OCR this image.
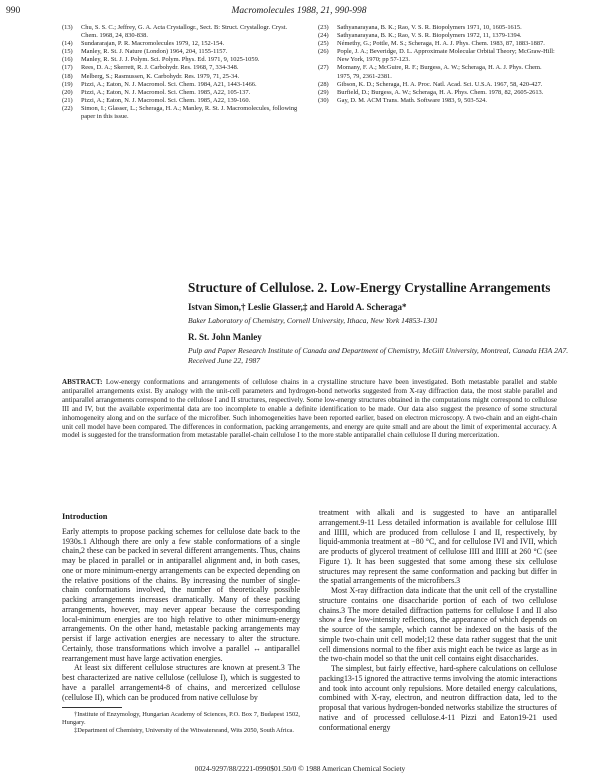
990	Macromolecules 1988, 21, 990-998

(13) Chu, S. S. C.; Jeffrey, G. A. Acta Crystallogr., Sect. B: Struct. Crystallogr. Cryst. Chem. 1968, 24, 830-838.

(14) Sundararajan, P. R. Macromolecules 1979, 12, 152-154.

(15) Manley, R. St. J. Nature (London) 1964, 204, 1155-1157.

(16) Manley, R. St. J. J. Polym. Sci. Polym. Phys. Ed. 1971, 9, 1025-1059.

(17) Rees, D. A.; Skerrett, R. J. Carbohydr. Res. 1968, 7, 334-348.

(18) Melberg, S.; Rasmussen, K. Carbohydr. Res. 1979, 71, 25-34.

(19) Pizzi, A.; Eaton, N. J. Macromol. Sci. Chem. 1984, A21, 1443-1466.

(20) Pizzi, A.; Eaton, N. J. Macromol. Sci. Chem. 1985, A22, 105-137.

(21) Pizzi, A.; Eaton, N. J. Macromol. Sci. Chem. 1985, A22, 139-160.

(22) Simon, I.; Glasser, L.; Scheraga, H. A.; Manley, R. St. J. Macromolecules, following paper in this issue.

(23) Sathyanarayana, B. K.; Rao, V. S. R. Biopolymers 1971, 10, 1605-1615.

(24) Sathyanarayana, B. K.; Rao, V. S. R. Biopolymers 1972, 11, 1379-1394.

(25) Némethy, G.; Pottle, M. S.; Scheraga, H. A. J. Phys. Chem. 1983, 87, 1883-1887.

(26) Pople, J. A.; Beveridge, D. L. Approximate Molecular Orbital Theory; McGraw-Hill: New York, 1970; pp 57-123.

(27) Momany, F. A.; McGuire, R. F.; Burgess, A. W.; Scheraga, H. A. J. Phys. Chem. 1975, 79, 2361-2381.

(28) Gibson, K. D.; Scheraga, H. A. Proc. Natl. Acad. Sci. U.S.A. 1967, 58, 420-427.

(29) Burfield, D.; Burgess, A. W.; Scheraga, H. A. Phys. Chem. 1978, 82, 2605-2613.

(30) Gay, D. M. ACM Trans. Math. Software 1983, 9, 503-524.

Structure of Cellulose. 2. Low-Energy Crystalline Arrangements
Istvan Simon,† Leslie Glasser,‡ and Harold A. Scheraga*
Baker Laboratory of Chemistry, Cornell University, Ithaca, New York 14853-1301
R. St. John Manley
Pulp and Paper Research Institute of Canada and Department of Chemistry, McGill University, Montreal, Canada H3A 2A7. Received June 22, 1987
ABSTRACT: Low-energy conformations and arrangements of cellulose chains in a crystalline structure have been investigated. Both metastable parallel and stable antiparallel arrangements exist. By analogy with the unit-cell parameters and hydrogen-bond networks suggested from X-ray diffraction data, the most stable parallel and antiparallel arrangements correspond to the cellulose I and II structures, respectively. Some low-energy structures obtained in the computations might correspond to cellulose III and IV, but the available experimental data are too incomplete to enable a definite identification to be made. Our data also suggest the presence of some structural inhomogeneity along and on the surface of the microfiber. Such inhomogeneities have been reported earlier, based on electron microscopy. A two-chain and an eight-chain unit cell model have been compared. The differences in conformation, packing arrangements, and energy are quite small and are about the limit of experimental accuracy. A model is suggested for the transformation from metastable parallel-chain cellulose I to the more stable antiparallel chain cellulose II during mercerization.
Introduction

Early attempts to propose packing schemes for cellulose date back to the 1930s.1 Although there are only a few stable conformations of a single chain,2 these can be packed in several different arrangements. Thus, chains may be placed in parallel or in antiparallel alignment and, in both cases, one or more minimum-energy arrangements can be expected depending on the relative positions of the chains. By increasing the number of single-chain conformations involved, the number of theoretically possible packing arrangements increases dramatically. Many of these packing arrangements, however, may never appear because the corresponding local-minimum energies are too high relative to other minimum-energy arrangements. On the other hand, metastable packing arrangements may persist if large activation energies are necessary to alter the structure. Certainly, those transformations which involve a parallel ↔ antiparallel rearrangement must have large activation energies.

At least six different cellulose structures are known at present.3 The best characterized are native cellulose (cellulose I), which is suggested to have a parallel arrangement4-8 of chains, and mercerized cellulose (cellulose II), which can be produced from native cellulose by

†Institute of Enzymology, Hungarian Academy of Sciences, P.O. Box 7, Budapest 1502, Hungary.

‡Department of Chemistry, University of the Witwatersrand, Wits 2050, South Africa.

treatment with alkali and is suggested to have an antiparallel arrangement.9-11 Less detailed information is available for cellulose IIII and IIIII, which are produced from cellulose I and II, respectively, by liquid-ammonia treatment at −80 °C, and for cellulose IVI and IVII, which are products of glycerol treatment of cellulose IIII and IIIII at 260 °C (see Figure 1). It has been suggested that some among these six cellulose structures may represent the same conformation and packing but differ in the spatial arrangements of the microfibers.3

Most X-ray diffraction data indicate that the unit cell of the crystalline structure contains one disaccharide portion of each of two cellulose chains.3 The more detailed diffraction patterns for cellulose I and II also show a few low-intensity reflections, the appearance of which depends on the source of the sample, which cannot be indexed on the basis of the simple two-chain unit cell model;12 these data rather suggest that the unit cell dimensions normal to the fiber axis might each be twice as large as in the two-chain model so that the unit cell contains eight disaccharides.

The simplest, but fairly effective, hard-sphere calculations on cellulose packing13-15 ignored the attractive terms involving the atomic interactions and took into account only repulsions. More detailed energy calculations, combined with X-ray, electron, and neutron diffraction data, led to the proposal that various hydrogen-bonded networks stabilize the structures of native and of processed cellulose.4-11 Pizzi and Eaton19-21 used conformational energy

0024-9297/88/2221-0990$01.50/0 © 1988 American Chemical Society
